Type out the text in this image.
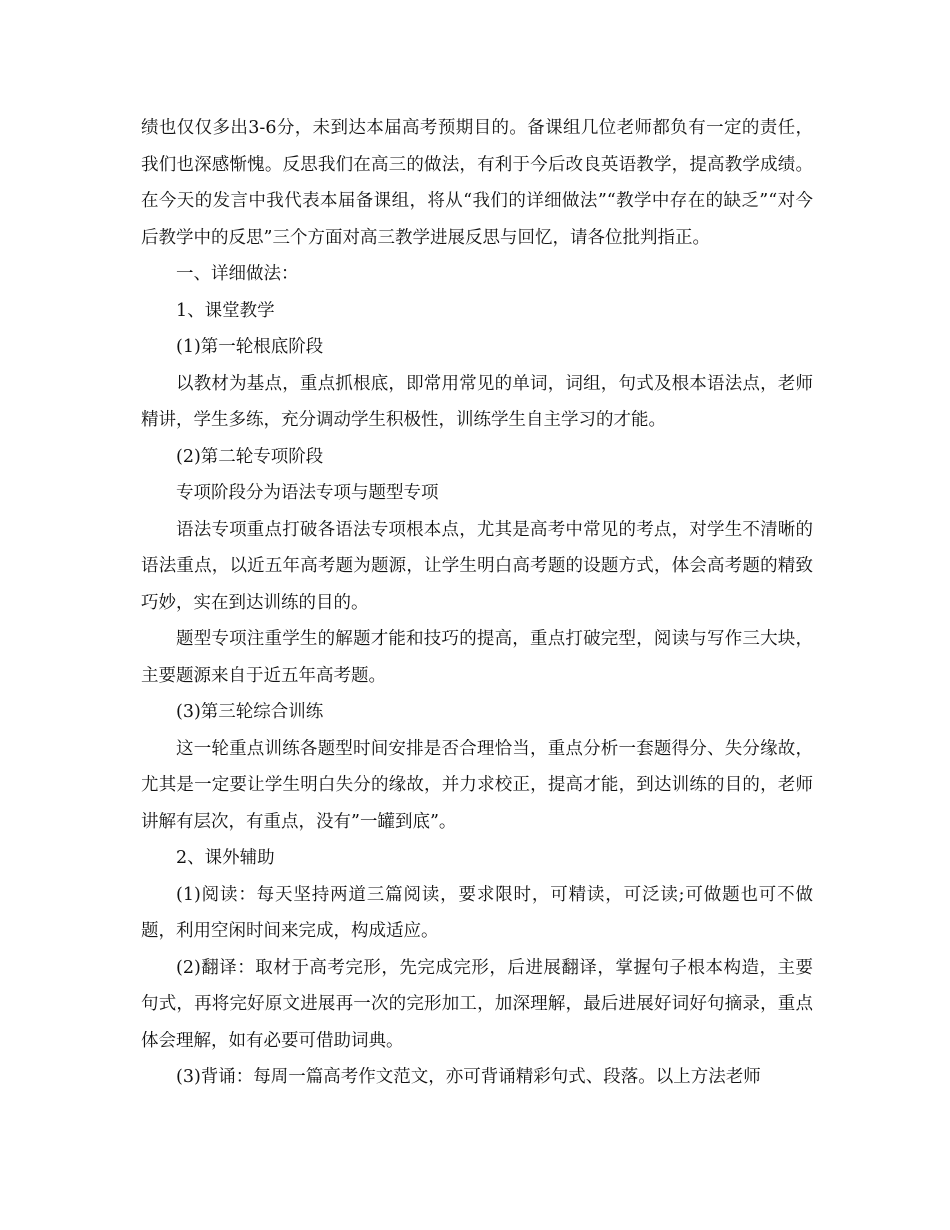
绩也仅仅多出3-6分，未到达本届高考预期目的。备课组几位老师都负有一定的责任，我们也深感惭愧。反思我们在高三的做法，有利于今后改良英语教学，提高教学成绩。在今天的发言中我代表本届备课组，将从“我们的详细做法”“教学中存在的缺乏”“对今后教学中的反思”三个方面对高三教学进展反思与回忆，请各位批判指正。

一、详细做法：

1、课堂教学

(1)第一轮根底阶段

以教材为基点，重点抓根底，即常用常见的单词，词组，句式及根本语法点，老师精讲，学生多练，充分调动学生积极性，训练学生自主学习的才能。

(2)第二轮专项阶段

专项阶段分为语法专项与题型专项

语法专项重点打破各语法专项根本点，尤其是高考中常见的考点，对学生不清晰的语法重点，以近五年高考题为题源，让学生明白高考题的设题方式，体会高考题的精致巧妙，实在到达训练的目的。

题型专项注重学生的解题才能和技巧的提高，重点打破完型，阅读与写作三大块，主要题源来自于近五年高考题。

(3)第三轮综合训练

这一轮重点训练各题型时间安排是否合理恰当，重点分析一套题得分、失分缘故，尤其是一定要让学生明白失分的缘故，并力求校正，提高才能，到达训练的目的，老师讲解有层次，有重点，没有”一罐到底”。

2、课外辅助

(1)阅读：每天坚持两道三篇阅读，要求限时，可精读，可泛读;可做题也可不做题，利用空闲时间来完成，构成适应。

(2)翻译：取材于高考完形，先完成完形，后进展翻译，掌握句子根本构造，主要句式，再将完好原文进展再一次的完形加工，加深理解，最后进展好词好句摘录，重点体会理解，如有必要可借助词典。

(3)背诵：每周一篇高考作文范文，亦可背诵精彩句式、段落。以上方法老师
